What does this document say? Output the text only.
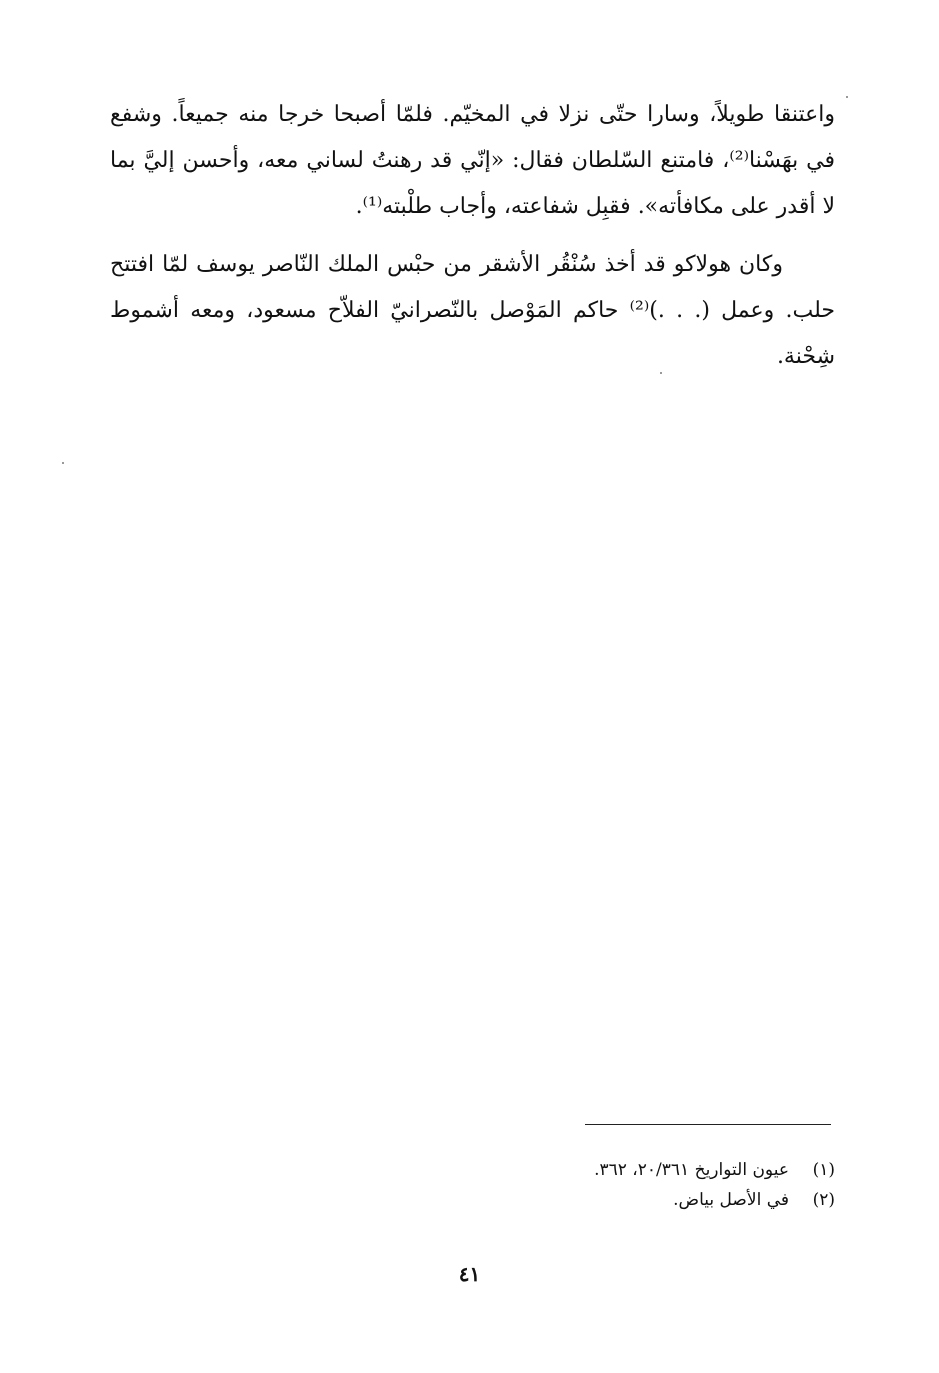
واعتنقا طويلاً، وسارا حتّى نزلا في المخيّم. فلمّا أصبحا خرجا منه جميعاً. وشفع في بهَسْنا⁽²⁾، فامتنع السّلطان فقال: «إنّي قد رهنتُ لساني معه، وأحسن إليَّ بما لا أقدر على مكافأته». فقبِل شفاعته، وأجاب طلْبته⁽¹⁾.

وكان هولاكو قد أخذ سُنْقُر الأشقر من حبْس الملك النّاصر يوسف لمّا افتتح حلب. وعمل (. . .)⁽²⁾ حاكم المَوْصل بالنّصرانيّ الفلاّح مسعود، ومعه أشموط شِحْنة.

(١)
عيون التواريخ ٢٠/٣٦١، ٣٦٢.
(٢)
في الأصل بياض.
٤١
